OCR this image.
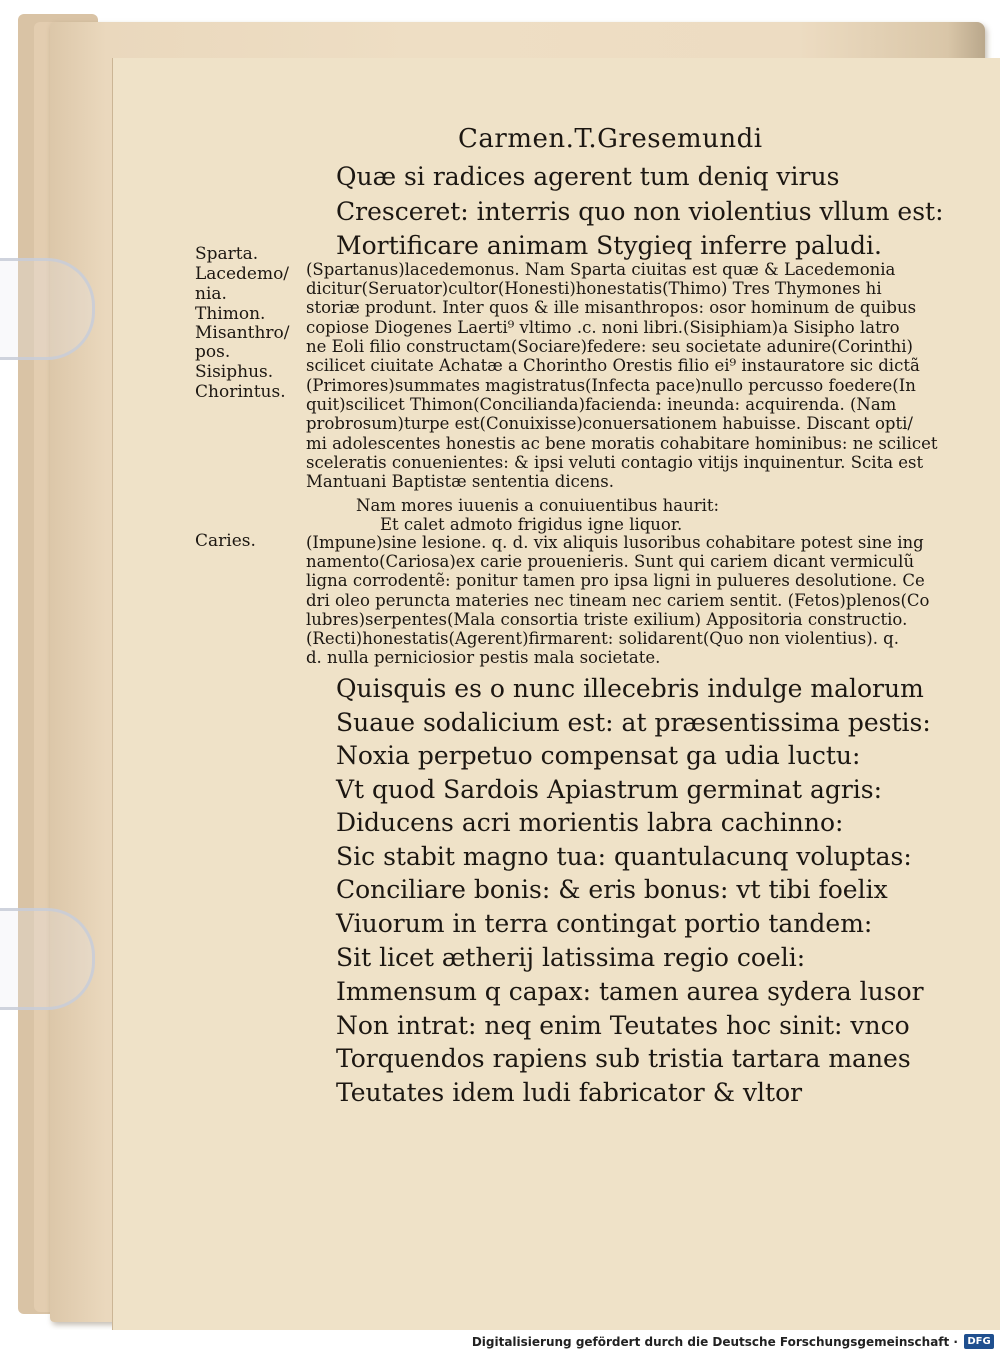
Carmen.T.Gresemundi
Quæ si radices agerent tum deniq virus
Cresceret: interris quo non violentius vllum est:
Mortificare animam Stygieq inferre paludi.
Sparta.
Lacedemo/
nia.
Thimon.
Misanthro/
pos.
Sisiphus.
Chorintus.
(Spartanus)lacedemonus. Nam Sparta ciuitas est quæ & Lacedemonia
dicitur(Seruator)cultor(Honesti)honestatis(Thimo) Tres Thymones hi
storiæ produnt. Inter quos & ille misanthropos: osor hominum de quibus
copiose Diogenes Laerti⁹ vltimo .c. noni libri.(Sisiphiam)a Sisipho latro
ne Eoli filio constructam(Sociare)federe: seu societate adunire(Corinthi)
scilicet ciuitate Achatæ a Chorintho Orestis filio ei⁹ instauratore sic dictã
(Primores)summates magistratus(Infecta pace)nullo percusso foedere(In
quit)scilicet Thimon(Concilianda)facienda: ineunda: acquirenda. (Nam
probrosum)turpe est(Conuixisse)conuersationem habuisse. Discant opti/
mi adolescentes honestis ac bene moratis cohabitare hominibus: ne scilicet
sceleratis conuenientes: & ipsi veluti contagio vitijs inquinentur. Scita est
Mantuani Baptistæ sententia dicens.
Nam mores iuuenis a conuiuentibus haurit:
Et calet admoto frigidus igne liquor.
Caries.	(Impune)sine lesione. q. d. vix aliquis lusoribus cohabitare potest sine ing
namento(Cariosa)ex carie prouenieris. Sunt qui cariem dicant vermiculũ
ligna corrodentẽ: ponitur tamen pro ipsa ligni in pulueres desolutione. Ce
dri oleo peruncta materies nec tineam nec cariem sentit. (Fetos)plenos(Co
lubres)serpentes(Mala consortia triste exilium) Appositoria constructio.
(Recti)honestatis(Agerent)firmarent: solidarent(Quo non violentius). q.
d. nulla perniciosior pestis mala societate.
Quisquis es o nunc illecebris indulge malorum
Suaue sodalicium est: at præsentissima pestis:
Noxia perpetuo compensat ga udia luctu:
Vt quod Sardois Apiastrum germinat agris:
Diducens acri morientis labra cachinno:
Sic stabit magno tua: quantulacunq voluptas:
Conciliare bonis: & eris bonus: vt tibi foelix
Viuorum in terra contingat portio tandem:
Sit licet ætherij latissima regio coeli:
Immensum q capax: tamen aurea sydera lusor
Non intrat: neq enim Teutates hoc sinit: vnco
Torquendos rapiens sub tristia tartara manes
Teutates idem ludi fabricator & vltor
Digitalisierung gefördert durch die Deutsche Forschungsgemeinschaft · DFG
